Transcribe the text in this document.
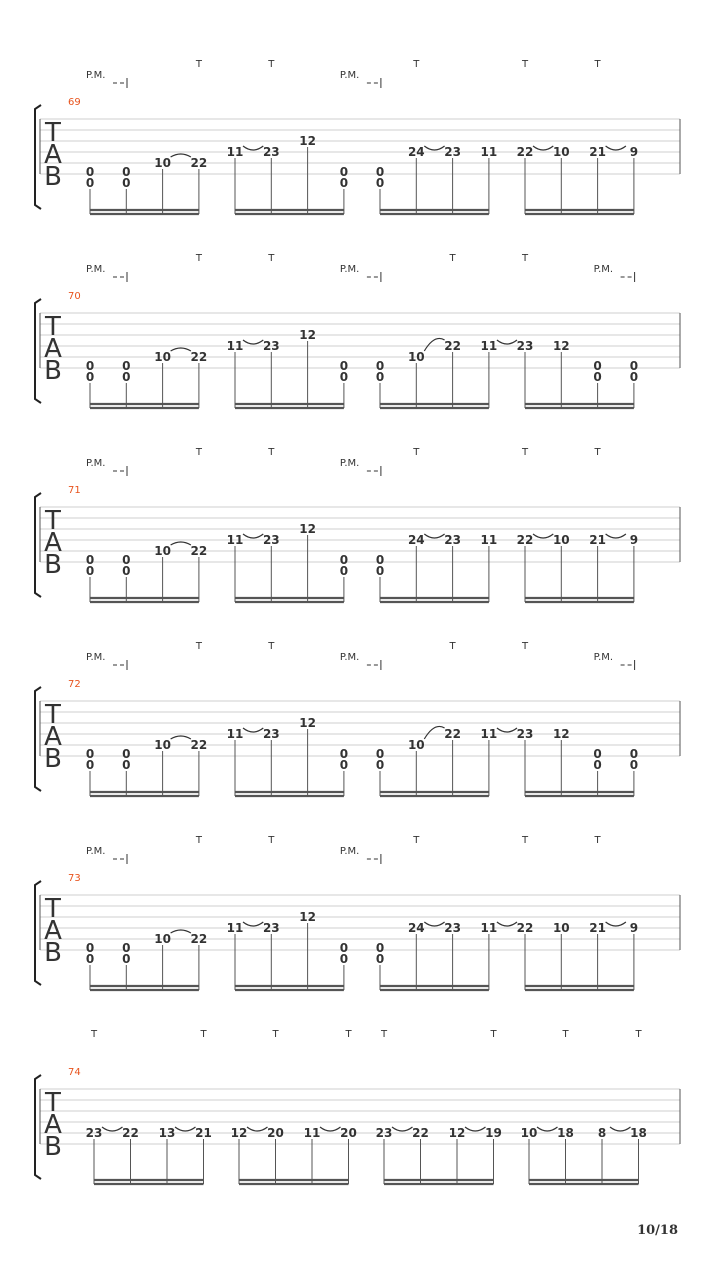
T
A
B
69
P.M.	P.M.
T	T	T	T	T
0
0
0
0
10 22
11 23
12
0
0
0
0
24 23 11 22 10 21 9
T
A
B
70
P.M.	P.M.	P.M.
T	T	T	T
0
0
0
0
10 22
11 23
12
0
0
0
0
10
22 11 23 12
0
0
0
0
T
A
B
71
P.M.	P.M.
T	T	T	T	T
0
0
0
0
10 22
11 23
12
0
0
0
0
24 23 11 22 10 21 9
T
A
B
72
P.M.	P.M.	P.M.
T	T	T	T
0
0
0
0
10 22
11 23
12
0
0
0
0
10
22 11 23 12
0
0
0
0
T
A
B
73
P.M.	P.M.
T	T	T	T	T
0
0
0
0
10 22
11 23
12
0
0
0
0
24 23 11 22 10 21 9
T
A
B
74
T	T	T	T	T	T	T	T
23 22 13 21 12 20 11 20 23 22 12 19 10 18 8 18
10/18
